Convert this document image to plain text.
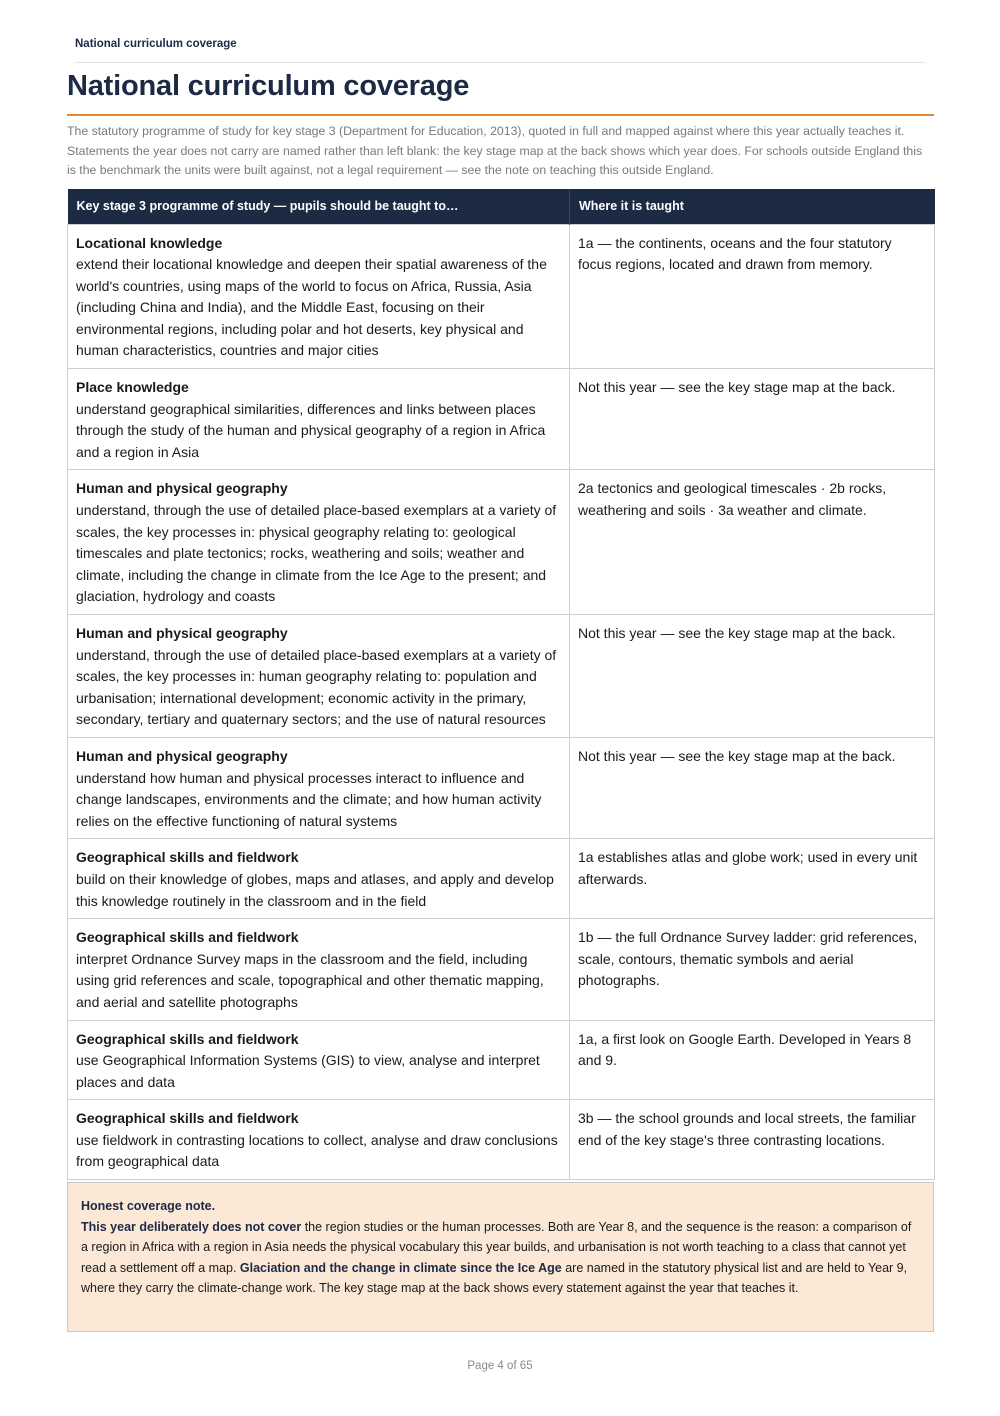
National curriculum coverage
National curriculum coverage

The statutory programme of study for key stage 3 (Department for Education, 2013), quoted in full and mapped against where this year actually teaches it. Statements the year does not carry are named rather than left blank: the key stage map at the back shows which year does. For schools outside England this is the benchmark the units were built against, not a legal requirement — see the note on teaching this outside England.

Key stage 3 programme of study — pupils should be taught to…	Where it is taught

Locational knowledge
extend their locational knowledge and deepen their spatial awareness of the world's countries, using maps of the world to focus on Africa, Russia, Asia (including China and India), and the Middle East, focusing on their environmental regions, including polar and hot deserts, key physical and human characteristics, countries and major cities	1a — the continents, oceans and the four statutory focus regions, located and drawn from memory.

Place knowledge
understand geographical similarities, differences and links between places through the study of the human and physical geography of a region in Africa and a region in Asia	Not this year — see the key stage map at the back.

Human and physical geography
understand, through the use of detailed place-based exemplars at a variety of scales, the key processes in: physical geography relating to: geological timescales and plate tectonics; rocks, weathering and soils; weather and climate, including the change in climate from the Ice Age to the present; and glaciation, hydrology and coasts	2a tectonics and geological timescales · 2b rocks, weathering and soils · 3a weather and climate.

Human and physical geography
understand, through the use of detailed place-based exemplars at a variety of scales, the key processes in: human geography relating to: population and urbanisation; international development; economic activity in the primary, secondary, tertiary and quaternary sectors; and the use of natural resources	Not this year — see the key stage map at the back.

Human and physical geography
understand how human and physical processes interact to influence and change landscapes, environments and the climate; and how human activity relies on the effective functioning of natural systems	Not this year — see the key stage map at the back.

Geographical skills and fieldwork
build on their knowledge of globes, maps and atlases, and apply and develop this knowledge routinely in the classroom and in the field	1a establishes atlas and globe work; used in every unit afterwards.

Geographical skills and fieldwork
interpret Ordnance Survey maps in the classroom and the field, including using grid references and scale, topographical and other thematic mapping, and aerial and satellite photographs	1b — the full Ordnance Survey ladder: grid references, scale, contours, thematic symbols and aerial photographs.

Geographical skills and fieldwork
use Geographical Information Systems (GIS) to view, analyse and interpret places and data	1a, a first look on Google Earth. Developed in Years 8 and 9.

Geographical skills and fieldwork
use fieldwork in contrasting locations to collect, analyse and draw conclusions from geographical data	3b — the school grounds and local streets, the familiar end of the key stage's three contrasting locations.
Honest coverage note.
This year deliberately does not cover the region studies or the human processes. Both are Year 8, and the sequence is the reason: a comparison of a region in Africa with a region in Asia needs the physical vocabulary this year builds, and urbanisation is not worth teaching to a class that cannot yet read a settlement off a map. Glaciation and the change in climate since the Ice Age are named in the statutory physical list and are held to Year 9, where they carry the climate-change work. The key stage map at the back shows every statement against the year that teaches it.
Page 4 of 65
